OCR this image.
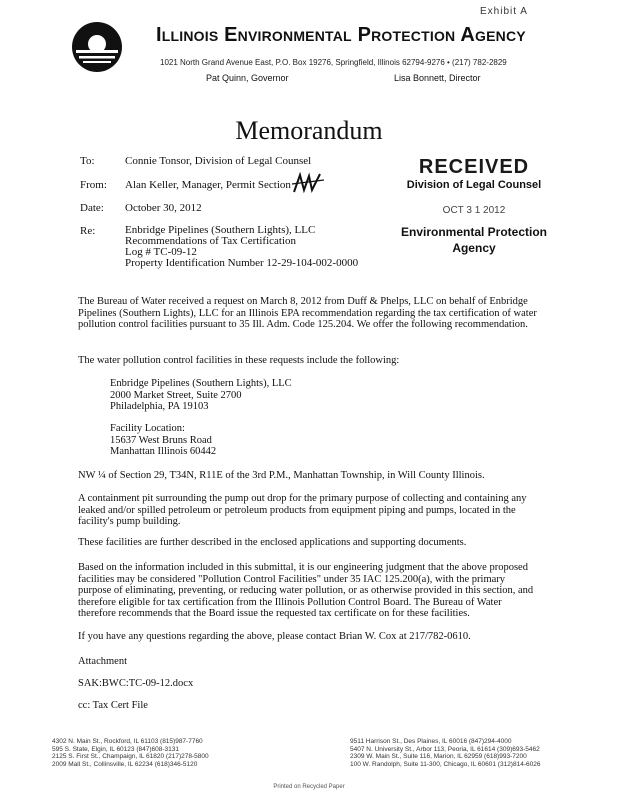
Exhibit A
Illinois Environmental Protection Agency
1021 North Grand Avenue East, P.O. Box 19276, Springfield, Illinois 62794-9276 • (217) 782-2829
Pat Quinn, Governor	Lisa Bonnett, Director
Memorandum
To:	Connie Tonsor, Division of Legal Counsel
From: Alan Keller, Manager, Permit Section
Date: October 30, 2012
Re:	Enbridge Pipelines (Southern Lights), LLC
Recommendations of Tax Certification
Log # TC-09-12
Property Identification Number 12-29-104-002-0000
RECEIVED
Division of Legal Counsel
OCT 3 1 2012
Environmental Protection
Agency
The Bureau of Water received a request on March 8, 2012 from Duff & Phelps, LLC on behalf of Enbridge Pipelines (Southern Lights), LLC for an Illinois EPA recommendation regarding the tax certification of water pollution control facilities pursuant to 35 Ill. Adm. Code 125.204. We offer the following recommendation.
The water pollution control facilities in these requests include the following:
Enbridge Pipelines (Southern Lights), LLC
2000 Market Street, Suite 2700
Philadelphia, PA 19103
Facility Location:
15637 West Bruns Road
Manhattan Illinois 60442
NW ¼ of Section 29, T34N, R11E of the 3rd P.M., Manhattan Township, in Will County Illinois.
A containment pit surrounding the pump out drop for the primary purpose of collecting and containing any leaked and/or spilled petroleum or petroleum products from equipment piping and pumps, located in the facility's pump building.
These facilities are further described in the enclosed applications and supporting documents.
Based on the information included in this submittal, it is our engineering judgment that the above proposed facilities may be considered "Pollution Control Facilities" under 35 IAC 125.200(a), with the primary purpose of eliminating, preventing, or reducing water pollution, or as otherwise provided in this section, and therefore eligible for tax certification from the Illinois Pollution Control Board. The Bureau of Water therefore recommends that the Board issue the requested tax certificate on for these facilities.
If you have any questions regarding the above, please contact Brian W. Cox at 217/782-0610.
Attachment
SAK:BWC:TC-09-12.docx
cc: Tax Cert File
4302 N. Main St., Rockford, IL 61103 (815)987-7760
595 S. State, Elgin, IL 60123 (847)608-3131
2125 S. First St., Champaign, IL 61820 (217)278-5800
2009 Mall St., Collinsville, IL 62234 (618)346-5120
9511 Harrison St., Des Plaines, IL 60016 (847)294-4000
5407 N. University St., Arbor 113, Peoria, IL 61614 (309)693-5462
2309 W. Main St., Suite 116, Marion, IL 62959 (618)993-7200
100 W. Randolph, Suite 11-300, Chicago, IL 60601 (312)814-6026
Printed on Recycled Paper
